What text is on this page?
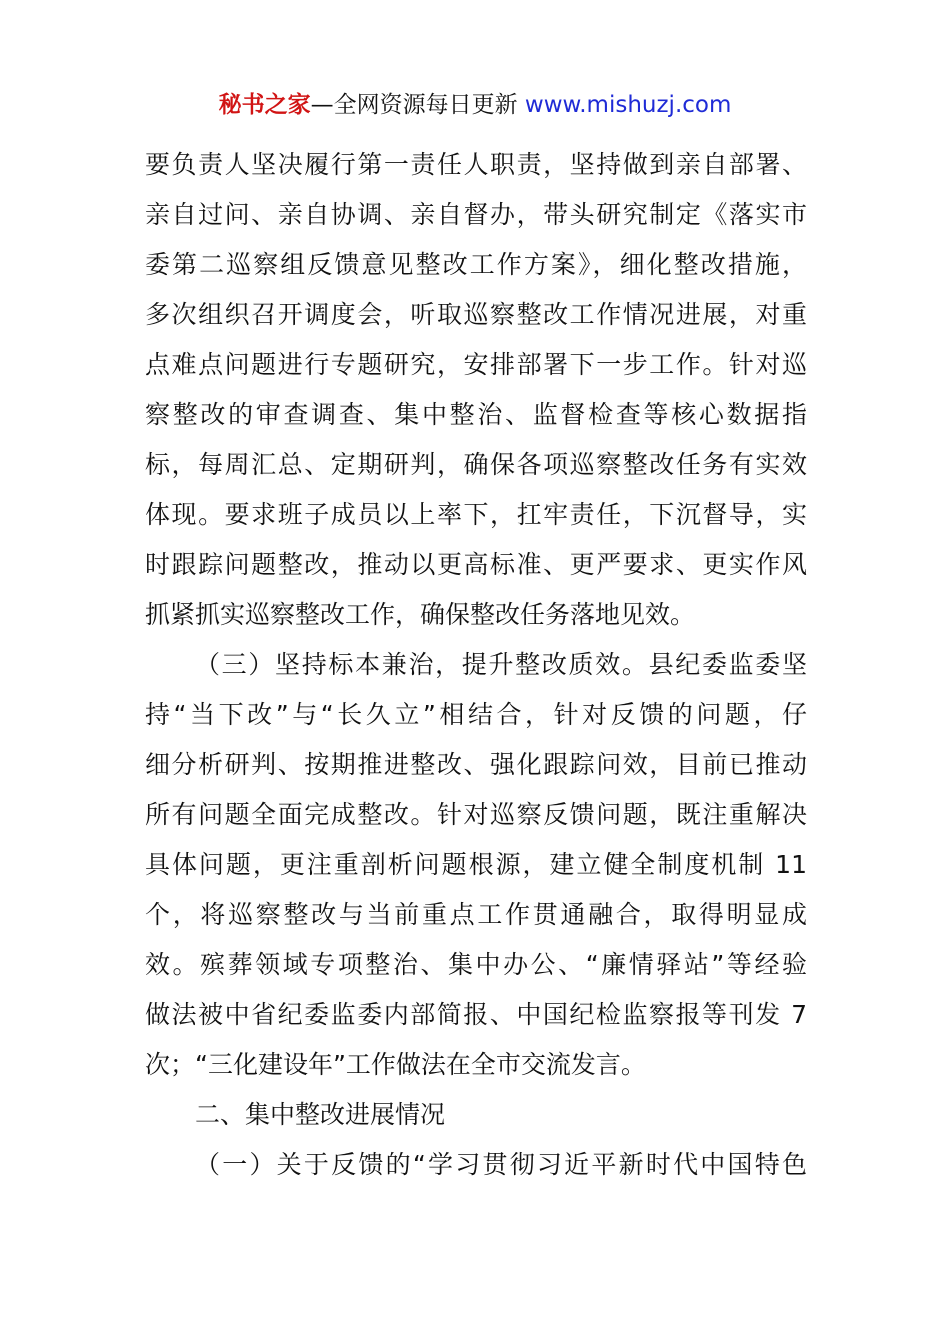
秘书之家—全网资源每日更新 www.mishuzj.com
要负责人坚决履行第一责任人职责，坚持做到亲自部署、
亲自过问、亲自协调、亲自督办，带头研究制定《落实市
委第二巡察组反馈意见整改工作方案》，细化整改措施，
多次组织召开调度会，听取巡察整改工作情况进展，对重
点难点问题进行专题研究，安排部署下一步工作。针对巡
察整改的审查调查、集中整治、监督检查等核心数据指
标，每周汇总、定期研判，确保各项巡察整改任务有实效
体现。要求班子成员以上率下，扛牢责任，下沉督导，实
时跟踪问题整改，推动以更高标准、更严要求、更实作风
抓紧抓实巡察整改工作，确保整改任务落地见效。
（三）坚持标本兼治，提升整改质效。县纪委监委坚
持“当下改”与“长久立”相结合，针对反馈的问题，仔
细分析研判、按期推进整改、强化跟踪问效，目前已推动
所有问题全面完成整改。针对巡察反馈问题，既注重解决
具体问题，更注重剖析问题根源，建立健全制度机制 11
个，将巡察整改与当前重点工作贯通融合，取得明显成
效。殡葬领域专项整治、集中办公、“廉情驿站”等经验
做法被中省纪委监委内部简报、中国纪检监察报等刊发 7
次；“三化建设年”工作做法在全市交流发言。
二、集中整改进展情况
（一）关于反馈的“学习贯彻习近平新时代中国特色
